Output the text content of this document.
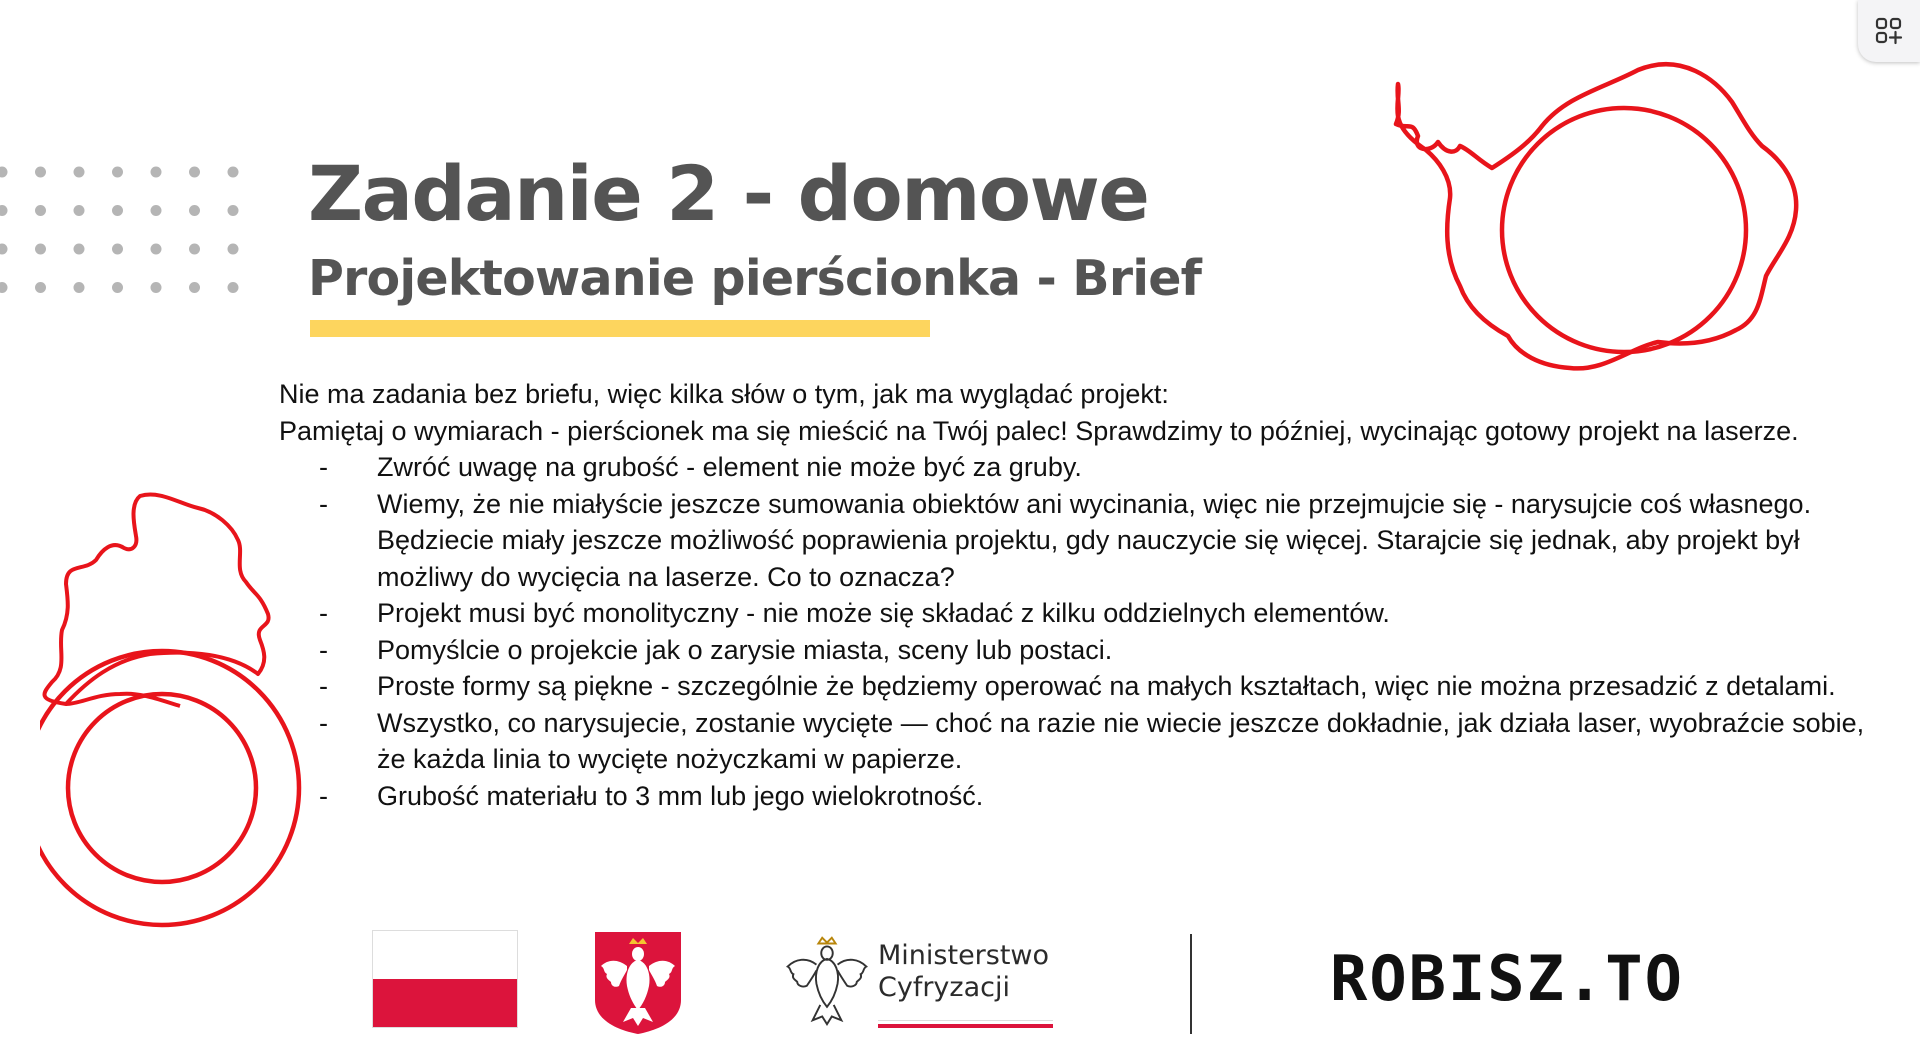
Zadanie 2 - domowe
Projektowanie pierścionka - Brief

Nie ma zadania bez briefu, więc kilka słów o tym, jak ma wyglądać projekt:

Pamiętaj o wymiarach - pierścionek ma się mieścić na Twój palec! Sprawdzimy to później, wycinając gotowy projekt na laserze.

- Zwróć uwagę na grubość - element nie może być za gruby.
- Wiemy, że nie miałyście jeszcze sumowania obiektów ani wycinania, więc nie przejmujcie się - narysujcie coś własnego. Będziecie miały jeszcze możliwość poprawienia projektu, gdy nauczycie się więcej. Starajcie się jednak, aby projekt był możliwy do wycięcia na laserze. Co to oznacza?
- Projekt musi być monolityczny - nie może się składać z kilku oddzielnych elementów.
- Pomyślcie o projekcie jak o zarysie miasta, sceny lub postaci.
- Proste formy są piękne - szczególnie że będziemy operować na małych kształtach, więc nie można przesadzić z detalami.
- Wszystko, co narysujecie, zostanie wycięte — choć na razie nie wiecie jeszcze dokładnie, jak działa laser, wyobraźcie sobie, że każda linia to wycięte nożyczkami w papierze.
- Grubość materiału to 3 mm lub jego wielokrotność.
Ministerstwo
Cyfryzacji	ROBISZ.TO
